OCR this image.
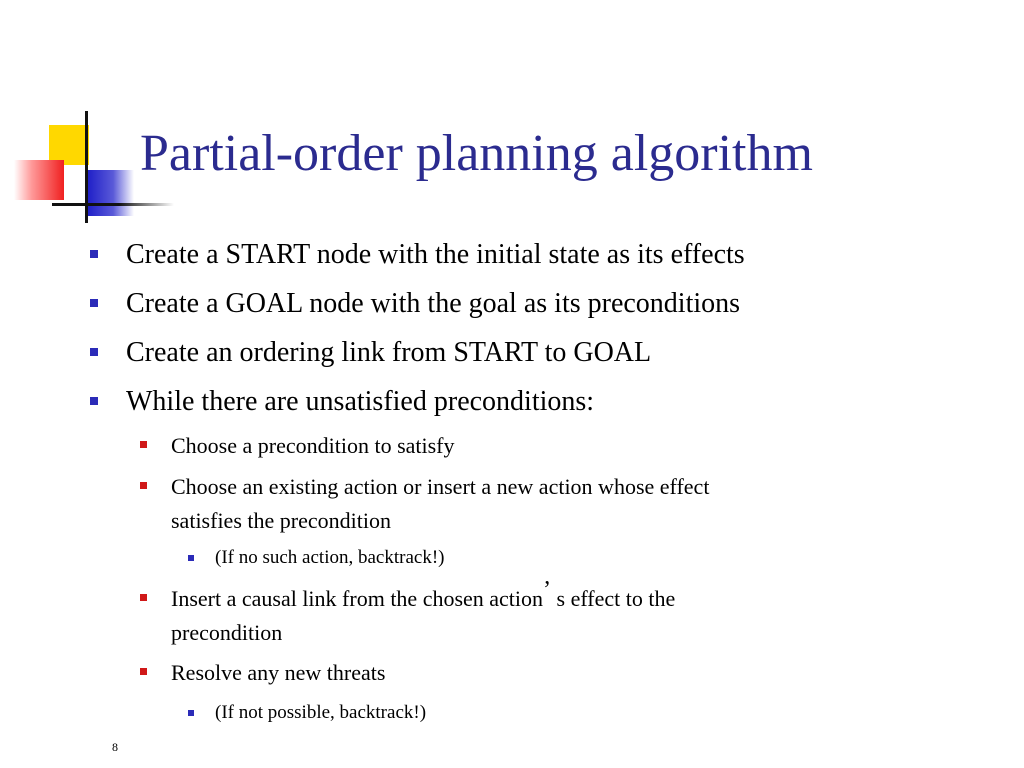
Partial-order planning algorithm

Create a START node with the initial state as its effects

Create a GOAL node with the goal as its preconditions

Create an ordering link from START to GOAL

While there are unsatisfied preconditions:

Choose a precondition to satisfy

Choose an existing action or insert a new action whose effect
satisfies the precondition

(If no such action, backtrack!)

Insert a causal link from the chosen action’ s effect to the
precondition

Resolve any new threats

(If not possible, backtrack!)

8
